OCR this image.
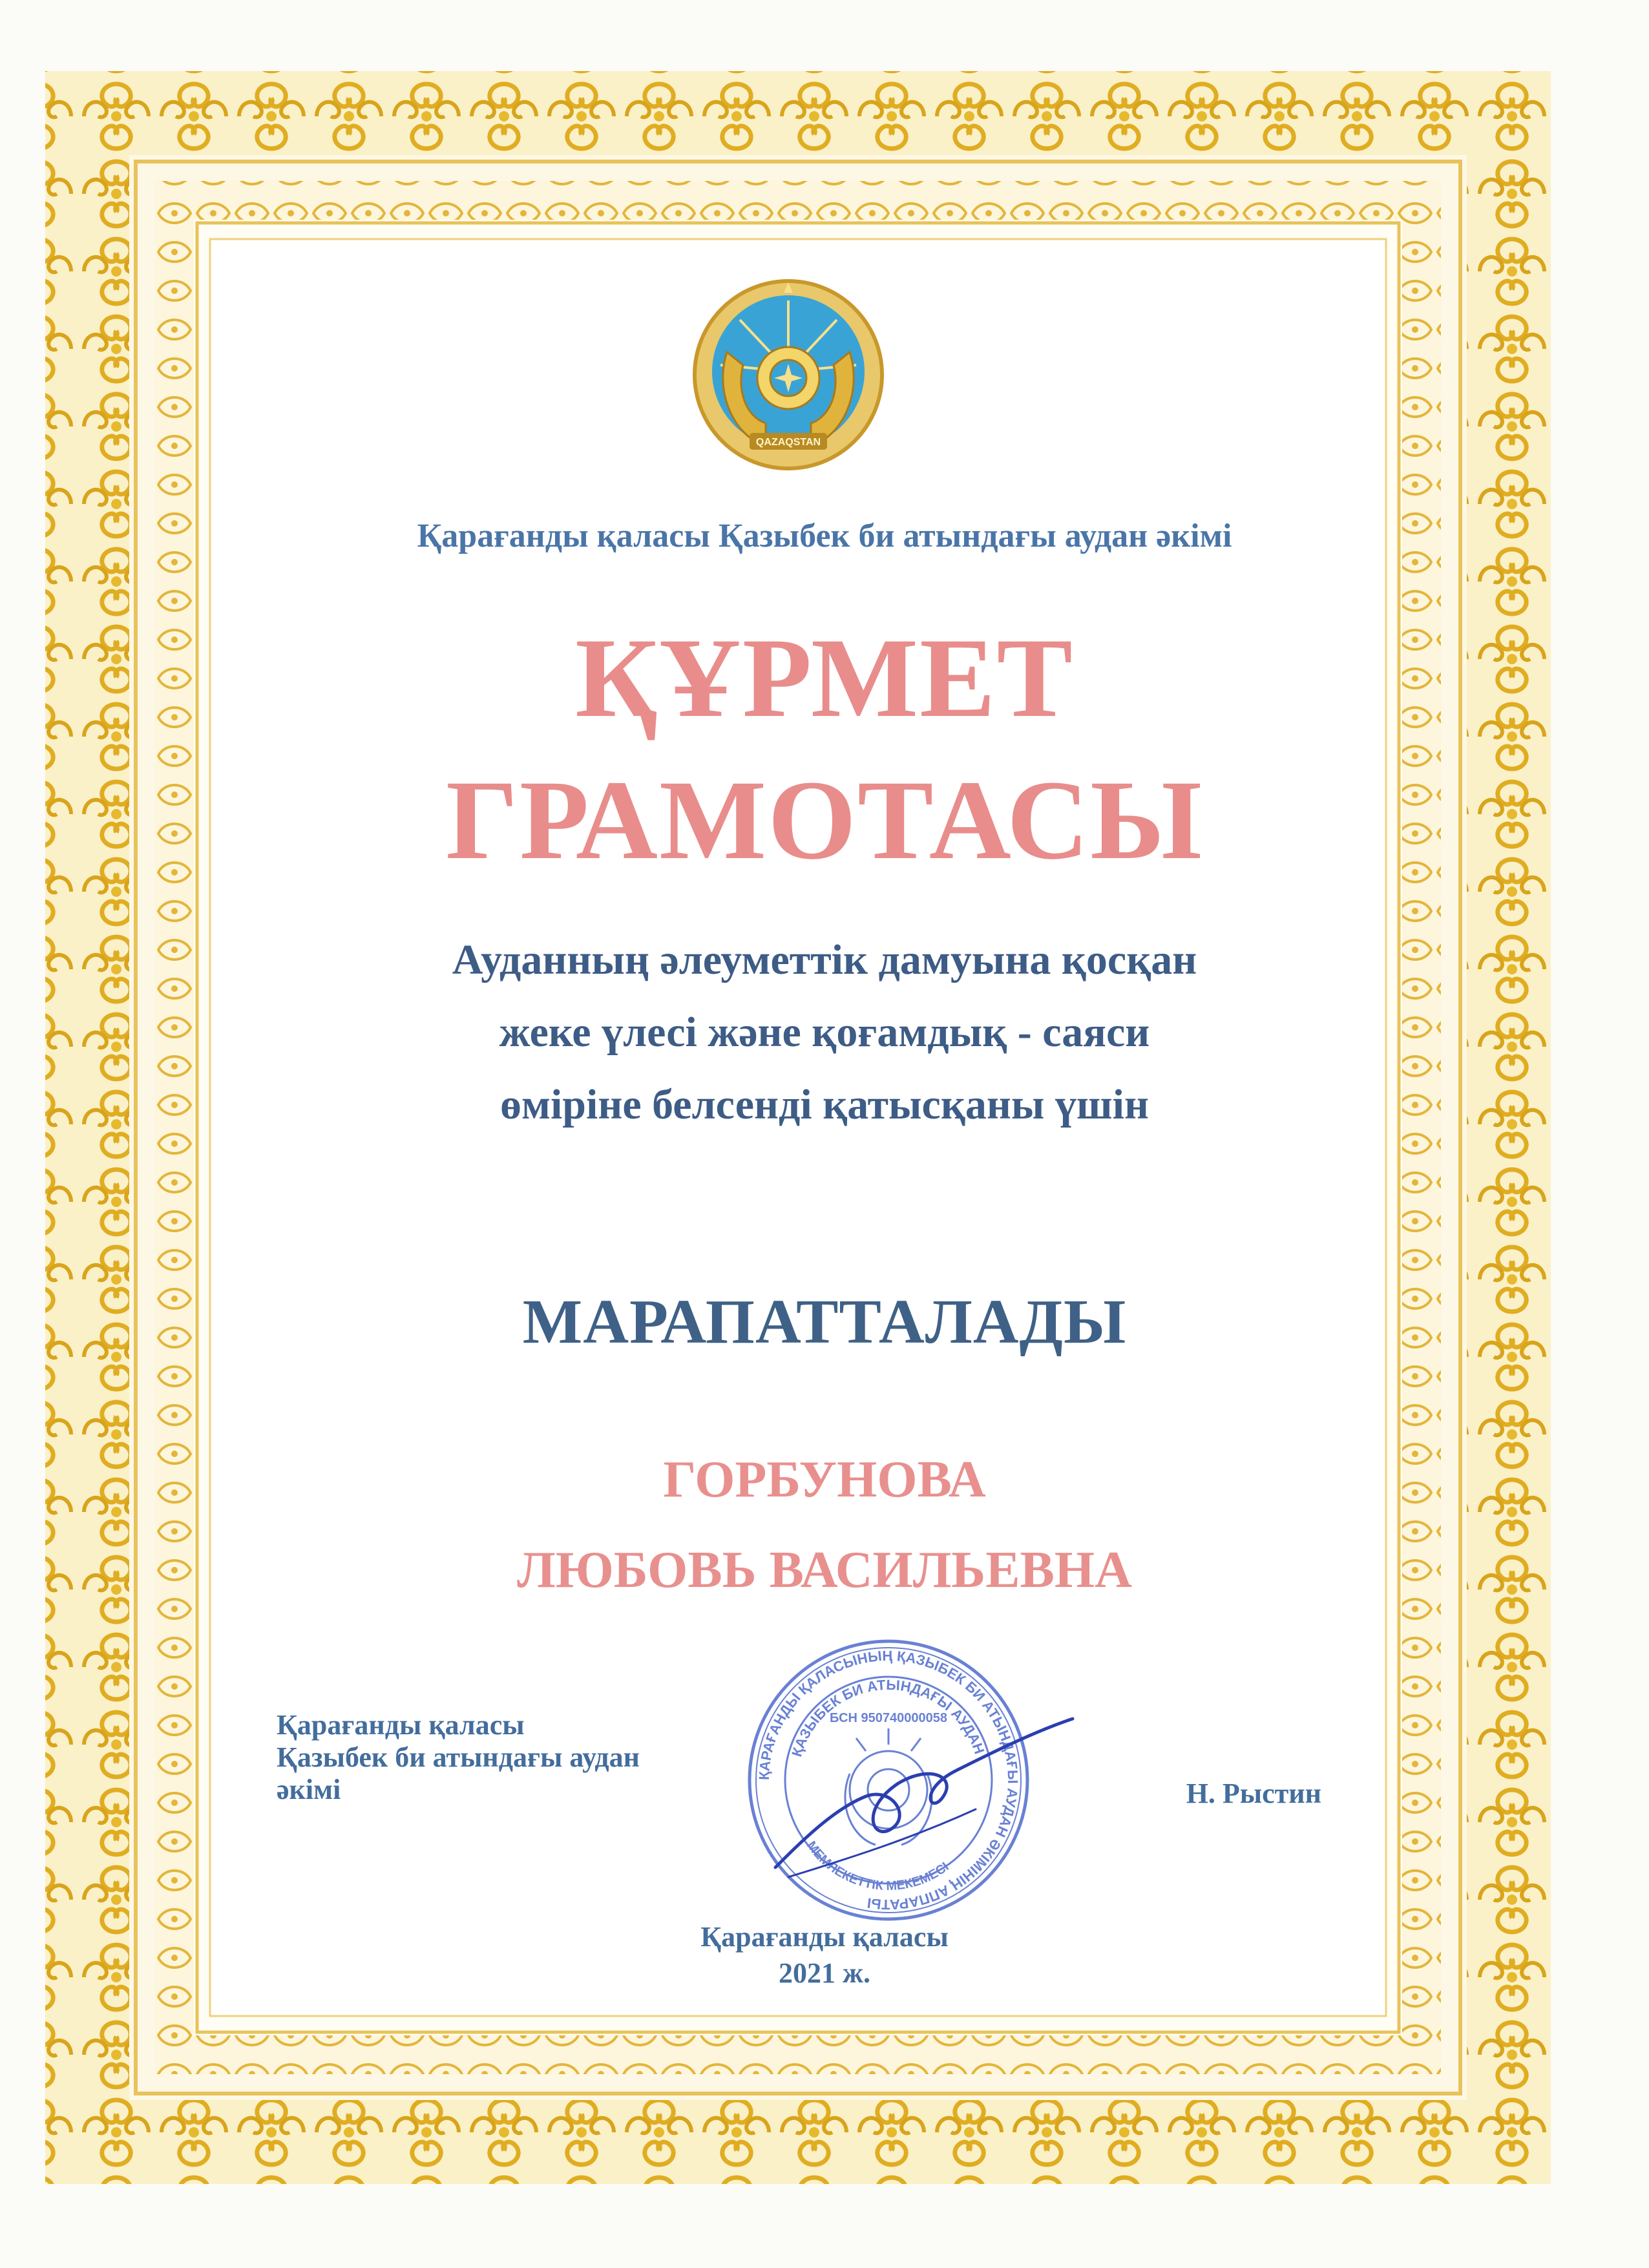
QAZAQSTAN

Қарағанды қаласы Қазыбек би атындағы аудан әкімі

ҚҰРМЕТ
ГРАМОТАСЫ
Ауданның әлеуметтік дамуына қосқан
жеке үлесі және қоғамдық - саяси
өміріне белсенді қатысқаны үшін

МАРАПАТТАЛАДЫ

ГОРБУНОВА
ЛЮБОВЬ ВАСИЛЬЕВНА
Қарағанды қаласы
Қазыбек би атындағы аудан
әкімі	Н. Рыстин
ҚАРАҒАНДЫ ҚАЛАСЫНЫҢ ҚАЗЫБЕК БИ АТЫНДАҒЫ АУДАН ӘКІМІНІҢ АППАРАТЫ
ҚАЗЫБЕК БИ АТЫНДАҒЫ АУДАН
МЕМЛЕКЕТТІК МЕКЕМЕСІ
БСН 950740000058
Қарағанды қаласы
2021 ж.
